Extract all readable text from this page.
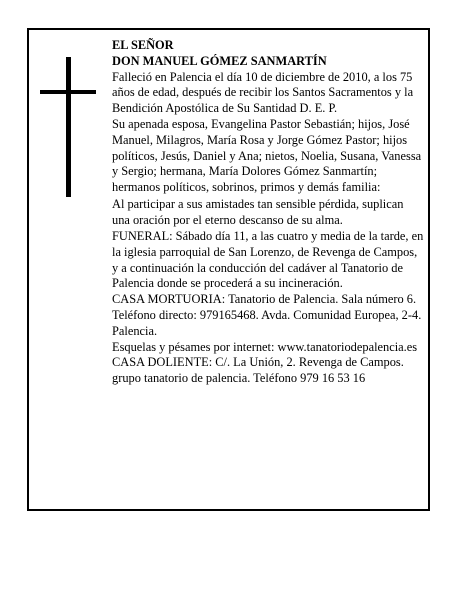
EL SEÑOR
DON MANUEL GÓMEZ SANMARTÍN

Falleció en Palencia el día 10 de diciembre de 2010, a los 75 años de edad, después de recibir los Santos Sacramentos y la Bendición Apostólica de Su Santidad D. E. P.

Su apenada esposa, Evangelina Pastor Sebastián; hijos, José Manuel, Milagros, María Rosa y Jorge Gómez Pastor; hijos políticos, Jesús, Daniel y Ana; nietos, Noelia, Susana, Vanessa y Sergio; hermana, María Dolores Gómez Sanmartín; hermanos políticos, sobrinos, primos y demás familia:

Al participar a sus amistades tan sensible pérdida, suplican una oración por el eterno descanso de su alma.

FUNERAL: Sábado día 11, a las cuatro y media de la tarde, en la iglesia parroquial de San Lorenzo, de Revenga de Campos, y a continuación la conducción del cadáver al Tanatorio de Palencia donde se procederá a su incineración.

CASA MORTUORIA: Tanatorio de Palencia. Sala número 6. Teléfono directo: 979165468. Avda. Comunidad Europea, 2-4. Palencia.

Esquelas y pésames por internet: www.tanatoriodepalencia.es

CASA DOLIENTE: C/. La Unión, 2. Revenga de Campos.

grupo tanatorio de palencia. Teléfono 979 16 53 16
